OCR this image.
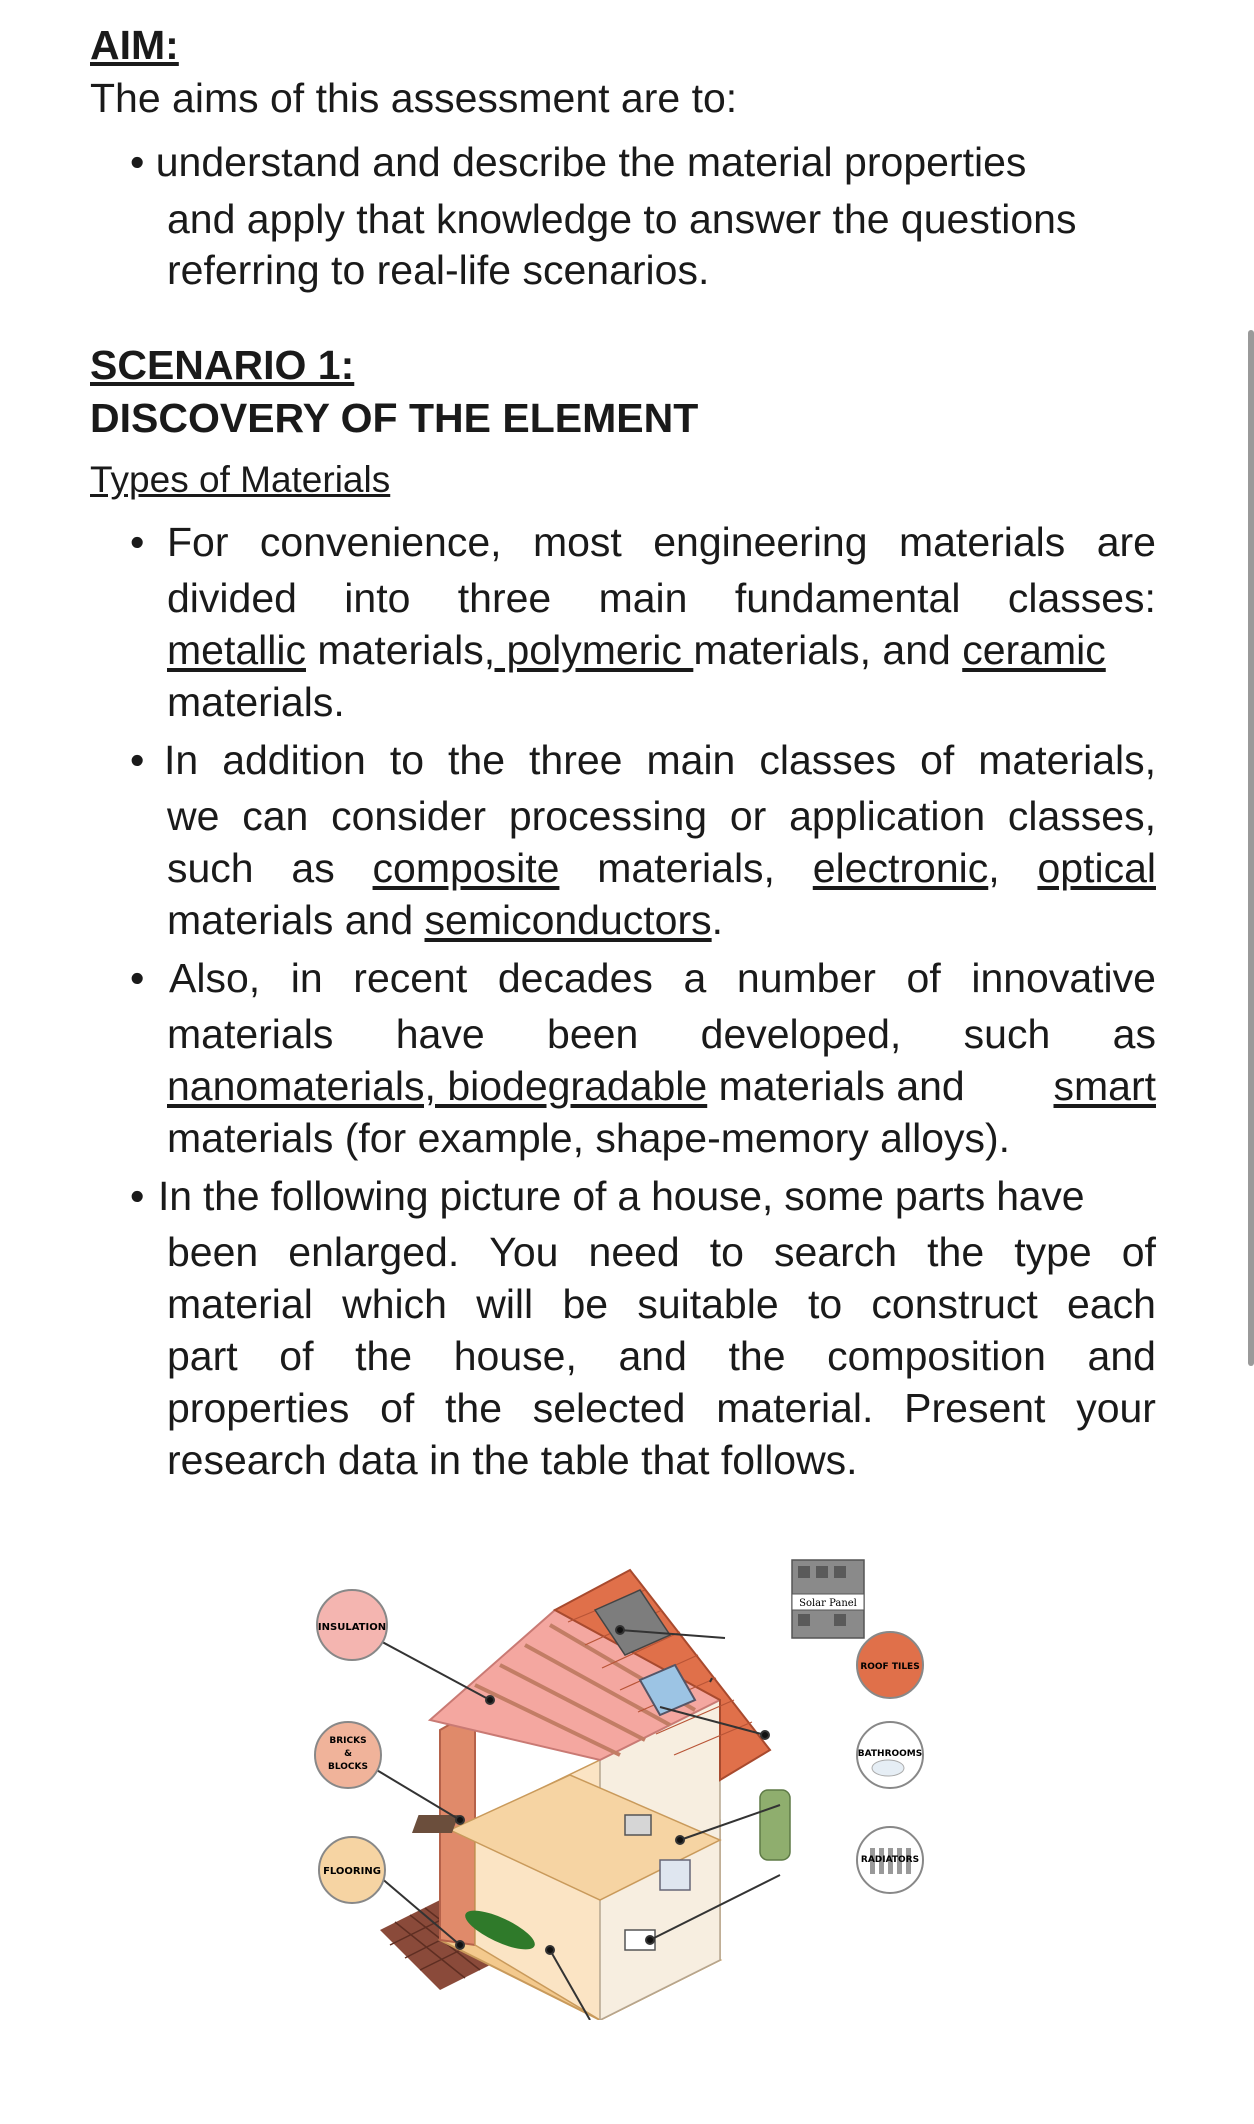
AIM:
The aims of this assessment are to:
• understand and describe the material properties
and apply that knowledge to answer the questions
referring to real-life scenarios.
SCENARIO 1:
DISCOVERY OF THE ELEMENT
Types of Materials
• For convenience, most engineering materials are
divided into three main fundamental classes:
metallic materials, polymeric materials, and ceramic
materials.
• In addition to the three main classes of materials,
we can consider processing or application classes,
such as composite materials, electronic, optical
materials and semiconductors.
• Also, in recent decades a number of innovative
materials have been developed, such as
nanomaterials, biodegradable materials and smart
materials (for example, shape-memory alloys).
• In the following picture of a house, some parts have
been enlarged. You need to search the type of
material which will be suitable to construct each
part of the house, and the composition and
properties of the selected material. Present your
research data in the table that follows.
INSULATION
BRICKS
&
BLOCKS
FLOORING
Solar Panel
ROOF TILES
BATHROOMS
RADIATORS
